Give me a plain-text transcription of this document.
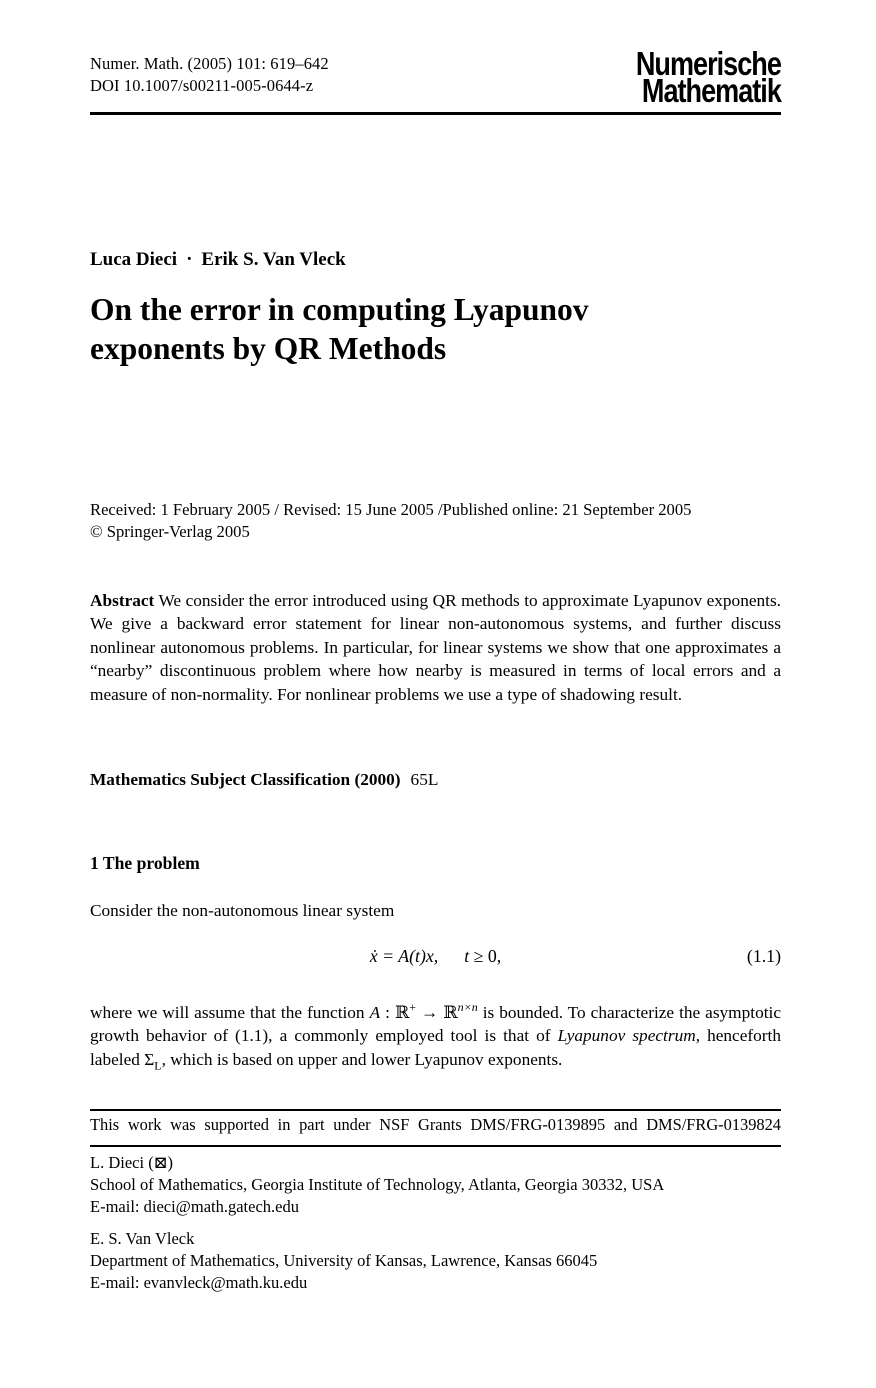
Numer. Math. (2005) 101: 619–642
DOI 10.1007/s00211-005-0644-z
Numerische
Mathematik
Luca Dieci · Erik S. Van Vleck
On the error in computing Lyapunov exponents by QR Methods
Received: 1 February 2005 / Revised: 15 June 2005 /Published online: 21 September 2005
© Springer-Verlag 2005

Abstract We consider the error introduced using QR methods to approximate Lyapunov exponents. We give a backward error statement for linear non-autonomous systems, and further discuss nonlinear autonomous problems. In particular, for linear systems we show that one approximates a “nearby” discontinuous problem where how nearby is measured in terms of local errors and a measure of non-normality. For nonlinear problems we use a type of shadowing result.

Mathematics Subject Classification (2000) 65L
1 The problem
Consider the non-autonomous linear system
ẋ = A(t)x, t ≥ 0,	(1.1)

where we will assume that the function A : ℝ+ → ℝ$^{n\times n}$ is bounded. To characterize the asymptotic growth behavior of (1.1), a commonly employed tool is that of Lyapunov spectrum, henceforth labeled $\Sigma_L$, which is based on upper and lower Lyapunov exponents.

This work was supported in part under NSF Grants DMS/FRG-0139895 and DMS/FRG-0139824
L. Dieci (⊠)
School of Mathematics, Georgia Institute of Technology, Atlanta, Georgia 30332, USA
E-mail: dieci@math.gatech.edu
E. S. Van Vleck
Department of Mathematics, University of Kansas, Lawrence, Kansas 66045
E-mail: evanvleck@math.ku.edu
